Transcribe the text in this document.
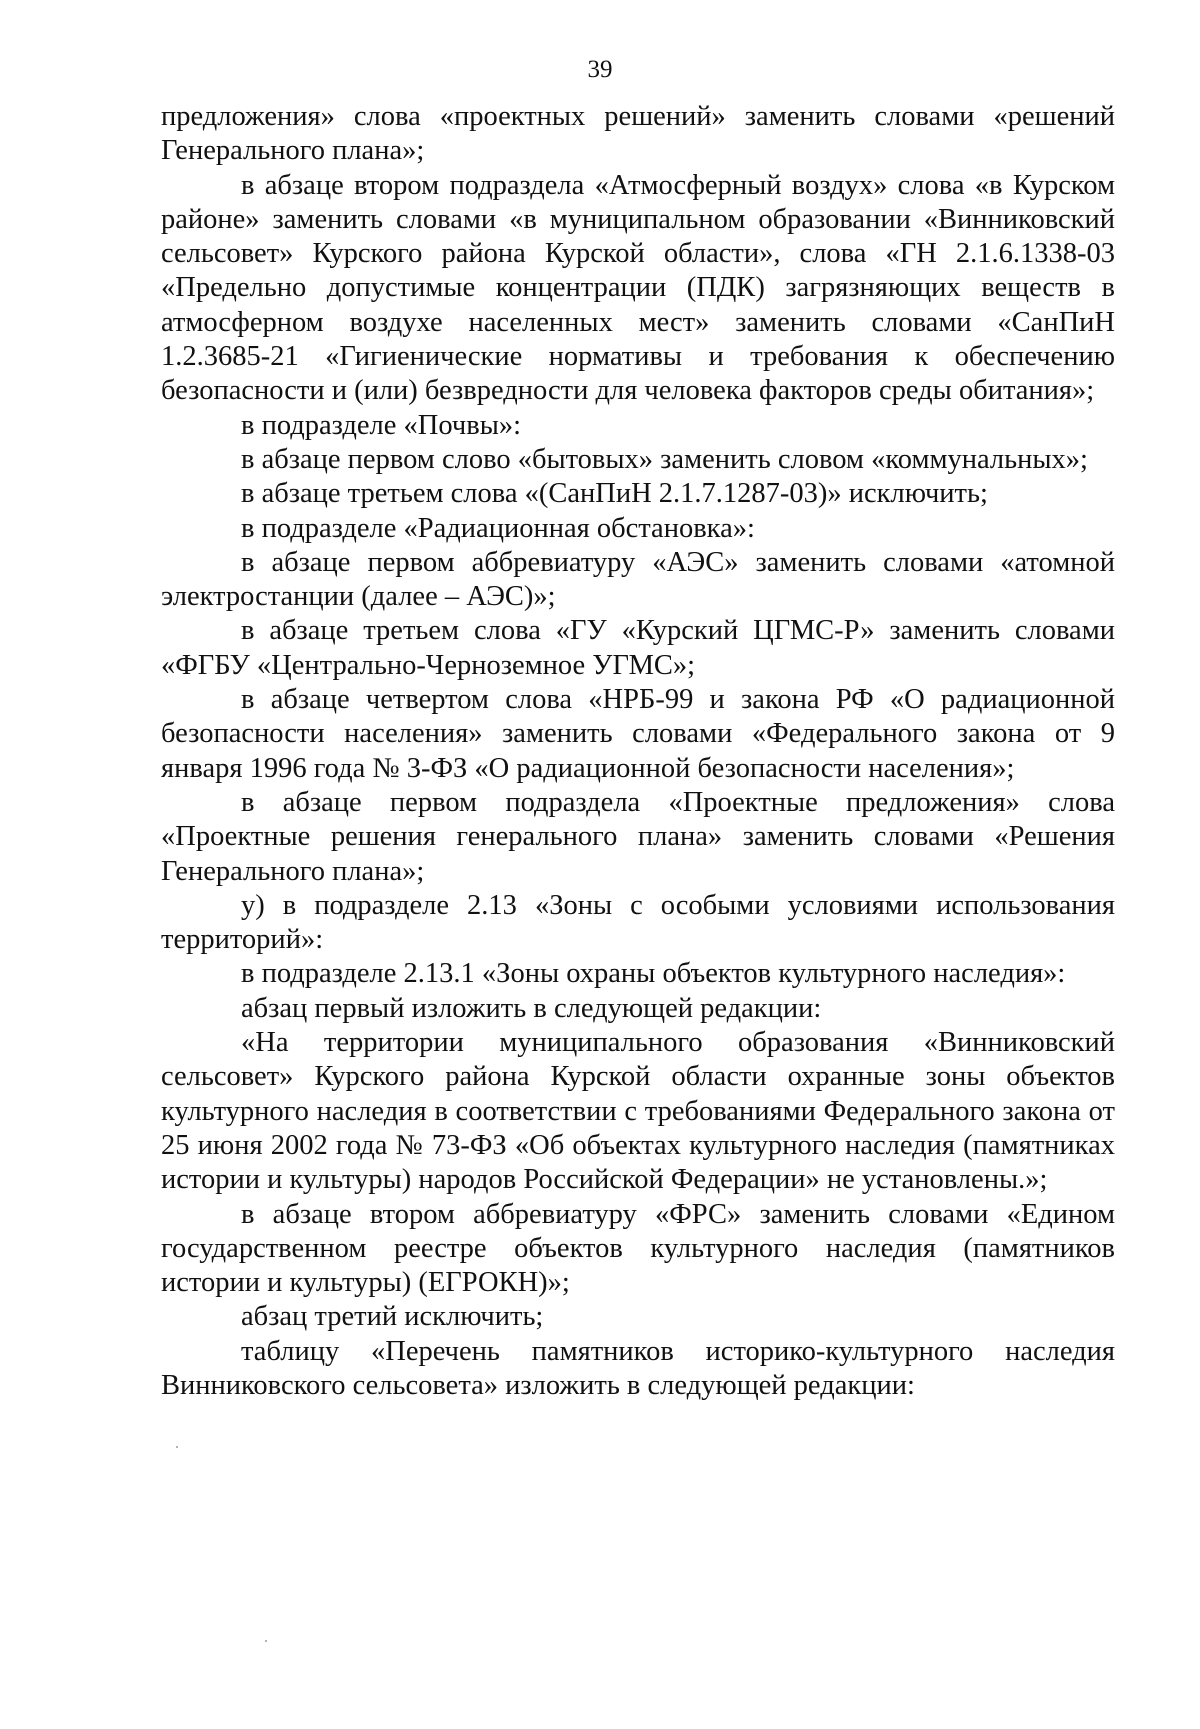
39

предложения» слова «проектных решений» заменить словами «решений Генерального плана»;

в абзаце втором подраздела «Атмосферный воздух» слова «в Курском районе» заменить словами «в муниципальном образовании «Винниковский сельсовет» Курского района Курской области», слова «ГН 2.1.6.1338-03 «Предельно допустимые концентрации (ПДК) загрязняющих веществ в атмосферном воздухе населенных мест» заменить словами «СанПиН 1.2.3685-21 «Гигиенические нормативы и требования к обеспечению безопасности и (или) безвредности для человека факторов среды обитания»;

в подразделе «Почвы»:

в абзаце первом слово «бытовых» заменить словом «коммунальных»;

в абзаце третьем слова «(СанПиН 2.1.7.1287-03)» исключить;

в подразделе «Радиационная обстановка»:

в абзаце первом аббревиатуру «АЭС» заменить словами «атомной электростанции (далее – АЭС)»;

в абзаце третьем слова «ГУ «Курский ЦГМС-Р» заменить словами «ФГБУ «Центрально-Черноземное УГМС»;

в абзаце четвертом слова «НРБ-99 и закона РФ «О радиационной безопасности населения» заменить словами «Федерального закона от 9 января 1996 года № 3-ФЗ «О радиационной безопасности населения»;

в абзаце первом подраздела «Проектные предложения» слова «Проектные решения генерального плана» заменить словами «Решения Генерального плана»;

у) в подразделе 2.13 «Зоны с особыми условиями использования территорий»:

в подразделе 2.13.1 «Зоны охраны объектов культурного наследия»:

абзац первый изложить в следующей редакции:

«На территории муниципального образования «Винниковский сельсовет» Курского района Курской области охранные зоны объектов культурного наследия в соответствии с требованиями Федерального закона от 25 июня 2002 года № 73-ФЗ «Об объектах культурного наследия (памятниках истории и культуры) народов Российской Федерации» не установлены.»;

в абзаце втором аббревиатуру «ФРС» заменить словами «Едином государственном реестре объектов культурного наследия (памятников истории и культуры) (ЕГРОКН)»;

абзац третий исключить;

таблицу «Перечень памятников историко-культурного наследия Винниковского сельсовета» изложить в следующей редакции:
